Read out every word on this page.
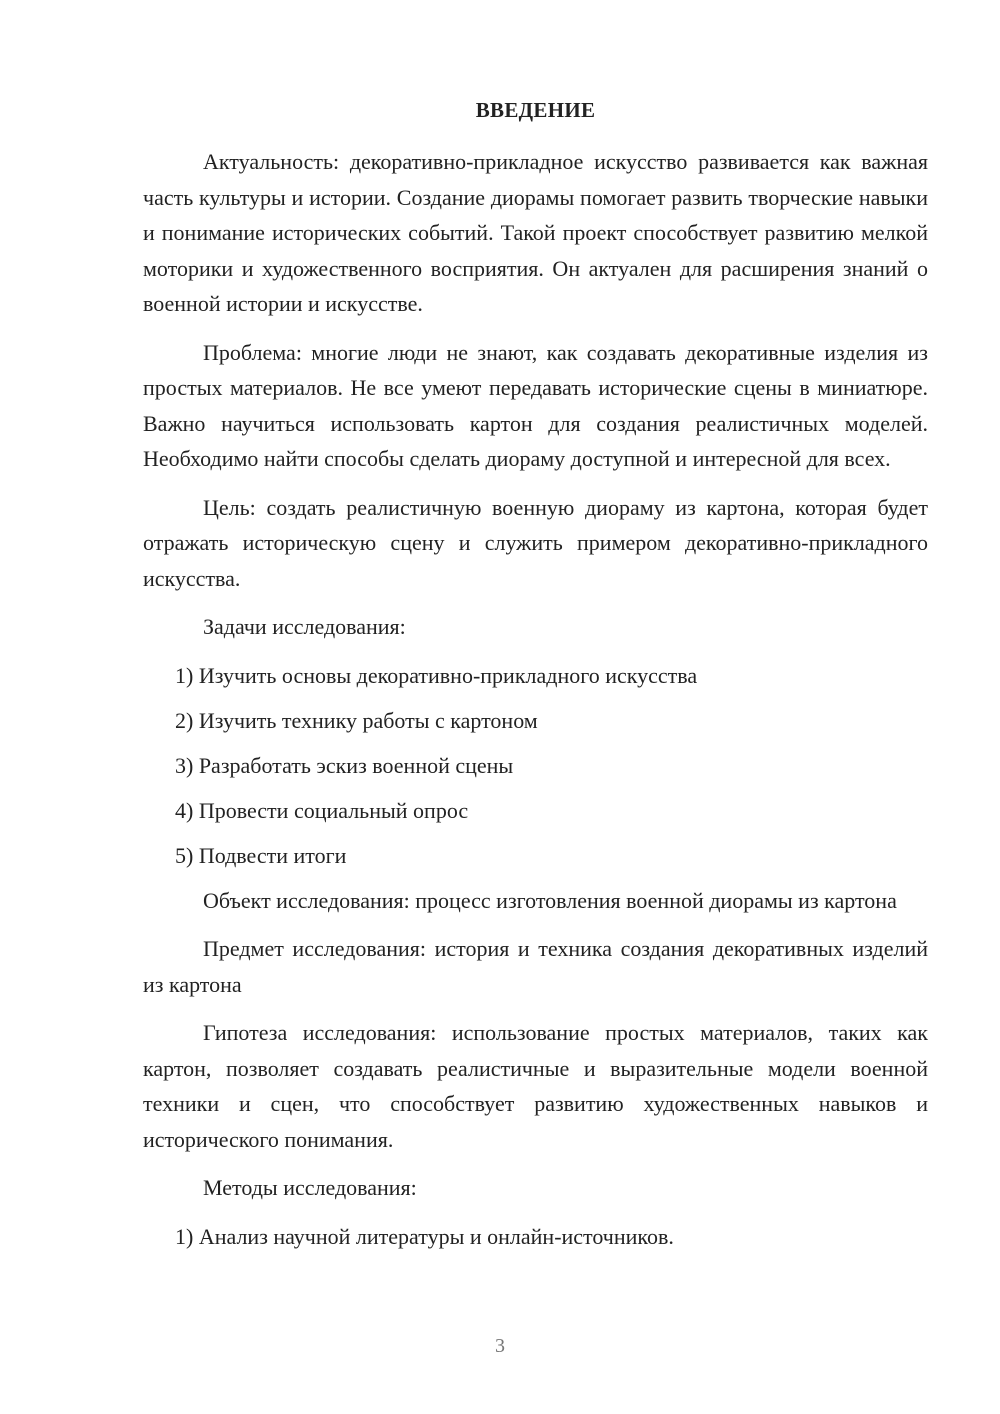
ВВЕДЕНИЕ

Актуальность: декоративно-прикладное искусство развивается как важная часть культуры и истории. Создание диорамы помогает развить творческие навыки и понимание исторических событий. Такой проект способствует развитию мелкой моторики и художественного восприятия. Он актуален для расширения знаний о военной истории и искусстве.

Проблема: многие люди не знают, как создавать декоративные изделия из простых материалов. Не все умеют передавать исторические сцены в миниатюре. Важно научиться использовать картон для создания реалистичных моделей. Необходимо найти способы сделать диораму доступной и интересной для всех.

Цель: создать реалистичную военную диораму из картона, которая будет отражать историческую сцену и служить примером декоративно-прикладного искусства.

Задачи исследования:

1) Изучить основы декоративно-прикладного искусства
2) Изучить технику работы с картоном
3) Разработать эскиз военной сцены
4) Провести социальный опрос
5) Подвести итоги

Объект исследования: процесс изготовления военной диорамы из картона

Предмет исследования: история и техника создания декоративных изделий из картона

Гипотеза исследования: использование простых материалов, таких как картон, позволяет создавать реалистичные и выразительные модели военной техники и сцен, что способствует развитию художественных навыков и исторического понимания.

Методы исследования:

1) Анализ научной литературы и онлайн-источников.
3
